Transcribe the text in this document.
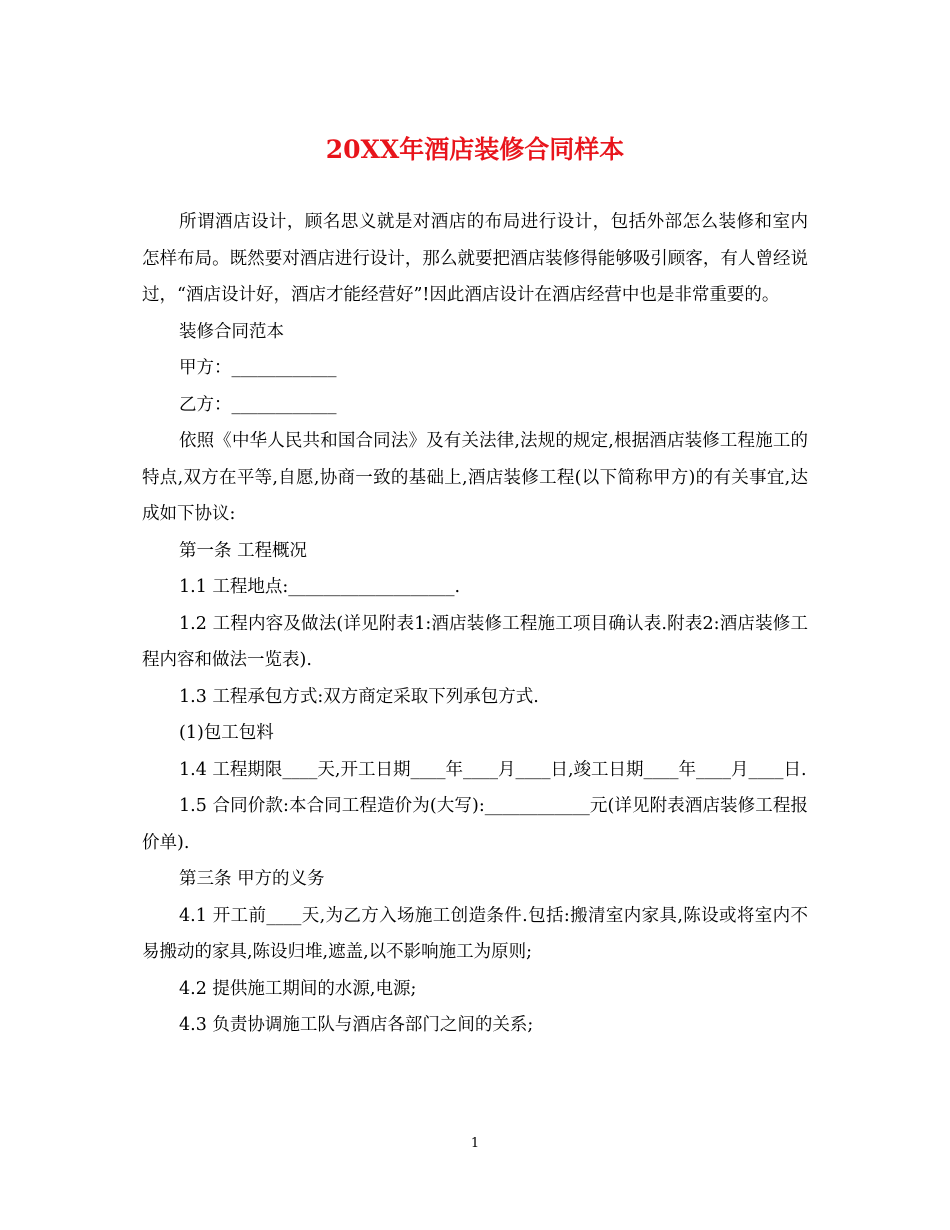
20XX年酒店装修合同样本

所谓酒店设计，顾名思义就是对酒店的布局进行设计，包括外部怎么装修和室内怎样布局。既然要对酒店进行设计，那么就要把酒店装修得能够吸引顾客，有人曾经说过，“酒店设计好，酒店才能经营好”!因此酒店设计在酒店经营中也是非常重要的。

装修合同范本

甲方：____________

乙方：____________

依照《中华人民共和国合同法》及有关法律,法规的规定,根据酒店装修工程施工的特点,双方在平等,自愿,协商一致的基础上,酒店装修工程(以下简称甲方)的有关事宜,达成如下协议:

第一条 工程概况

1.1 工程地点:___________________.

1.2 工程内容及做法(详见附表1:酒店装修工程施工项目确认表.附表2:酒店装修工程内容和做法一览表).

1.3 工程承包方式:双方商定采取下列承包方式.

(1)包工包料

1.4 工程期限____天,开工日期____年____月____日,竣工日期____年____月____日.

1.5 合同价款:本合同工程造价为(大写):____________元(详见附表酒店装修工程报价单).

第三条 甲方的义务

4.1 开工前____天,为乙方入场施工创造条件.包括:搬清室内家具,陈设或将室内不易搬动的家具,陈设归堆,遮盖,以不影响施工为原则;

4.2 提供施工期间的水源,电源;

4.3 负责协调施工队与酒店各部门之间的关系;

1
